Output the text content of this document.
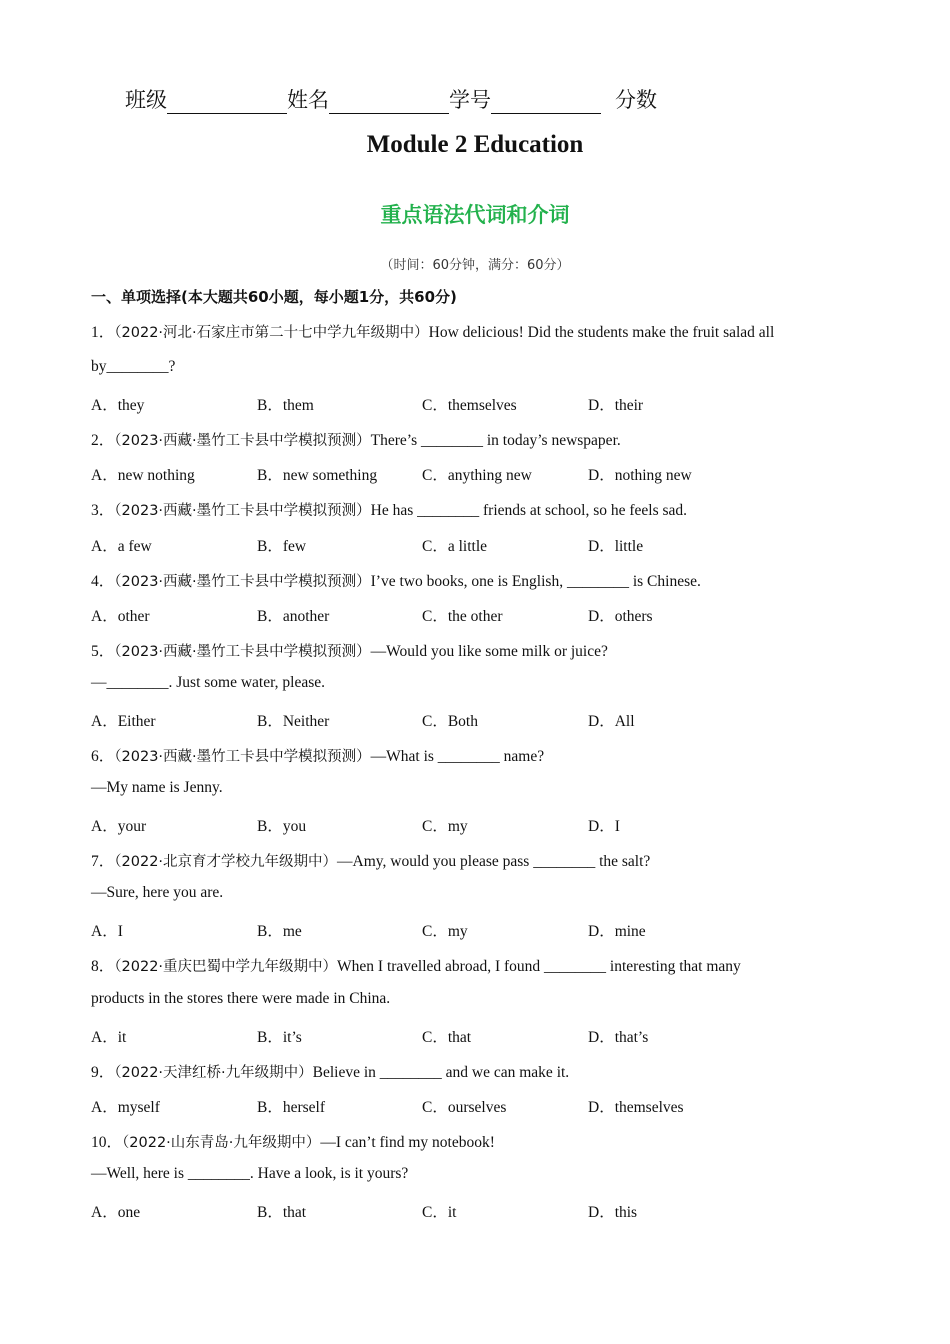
班级	姓名	学号	分数
Module 2 Education
重点语法代词和介词
（时间：60分钟，满分：60分）
一、单项选择(本大题共60小题，每小题1分，共60分)
1．（2022·河北·石家庄市第二十七中学九年级期中）How delicious! Did the students make the fruit salad all
by________?
A．they	B．them	C．themselves	D．their
2．（2023·西藏·墨竹工卡县中学模拟预测）There’s ________ in today’s newspaper.
A．new nothing	B．new something	C．anything new	D．nothing new
3．（2023·西藏·墨竹工卡县中学模拟预测）He has ________ friends at school, so he feels sad.
A．a few	B．few	C．a little	D．little
4．（2023·西藏·墨竹工卡县中学模拟预测）I’ve two books, one is English, ________ is Chinese.
A．other	B．another	C．the other	D．others
5．（2023·西藏·墨竹工卡县中学模拟预测）—Would you like some milk or juice?
—________. Just some water, please.
A．Either	B．Neither	C．Both	D．All
6．（2023·西藏·墨竹工卡县中学模拟预测）—What is ________ name?
—My name is Jenny.
A．your	B．you	C．my	D．I
7．（2022·北京育才学校九年级期中）—Amy, would you please pass ________ the salt?
—Sure, here you are.
A．I	B．me	C．my	D．mine
8．（2022·重庆巴蜀中学九年级期中）When I travelled abroad, I found ________ interesting that many
products in the stores there were made in China.
A．it	B．it’s	C．that	D．that’s
9．（2022·天津红桥·九年级期中）Believe in ________ and we can make it.
A．myself	B．herself	C．ourselves	D．themselves
10．（2022·山东青岛·九年级期中）—I can’t find my notebook!
—Well, here is ________. Have a look, is it yours?
A．one	B．that	C．it	D．this
